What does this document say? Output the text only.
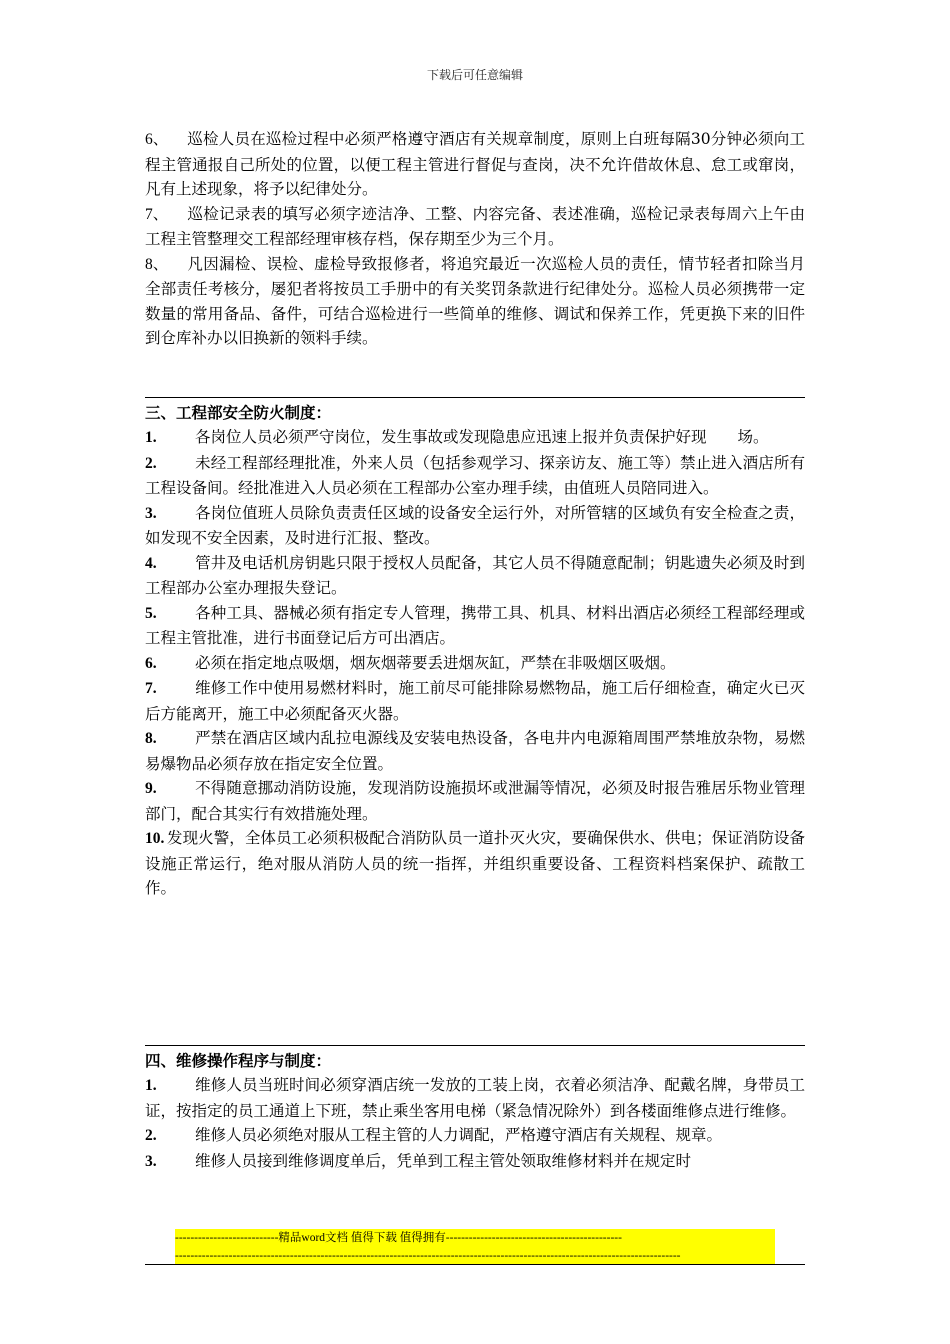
下载后可任意编辑

6、 巡检人员在巡检过程中必须严格遵守酒店有关规章制度，原则上白班每隔30分钟必须向工程主管通报自己所处的位置，以便工程主管进行督促与查岗，决不允许借故休息、怠工或窜岗，凡有上述现象，将予以纪律处分。

7、 巡检记录表的填写必须字迹洁净、工整、内容完备、表述准确，巡检记录表每周六上午由工程主管整理交工程部经理审核存档，保存期至少为三个月。

8、 凡因漏检、误检、虚检导致报修者，将追究最近一次巡检人员的责任，情节轻者扣除当月全部责任考核分，屡犯者将按员工手册中的有关奖罚条款进行纪律处分。巡检人员必须携带一定数量的常用备品、备件，可结合巡检进行一些简单的维修、调试和保养工作，凭更换下来的旧件到仓库补办以旧换新的领料手续。

三、工程部安全防火制度：

1. 各岗位人员必须严守岗位，发生事故或发现隐患应迅速上报并负责保护好现　　场。

2. 未经工程部经理批准，外来人员（包括参观学习、探亲访友、施工等）禁止进入酒店所有工程设备间。经批准进入人员必须在工程部办公室办理手续，由值班人员陪同进入。

3. 各岗位值班人员除负责责任区域的设备安全运行外，对所管辖的区域负有安全检查之责，如发现不安全因素，及时进行汇报、整改。

4. 管井及电话机房钥匙只限于授权人员配备，其它人员不得随意配制；钥匙遗失必须及时到工程部办公室办理报失登记。

5. 各种工具、器械必须有指定专人管理，携带工具、机具、材料出酒店必须经工程部经理或工程主管批准，进行书面登记后方可出酒店。

6. 必须在指定地点吸烟，烟灰烟蒂要丢进烟灰缸，严禁在非吸烟区吸烟。

7. 维修工作中使用易燃材料时，施工前尽可能排除易燃物品，施工后仔细检查，确定火已灭后方能离开，施工中必须配备灭火器。

8. 严禁在酒店区域内乱拉电源线及安装电热设备，各电井内电源箱周围严禁堆放杂物，易燃易爆物品必须存放在指定安全位置。

9. 不得随意挪动消防设施，发现消防设施损坏或泄漏等情况，必须及时报告雅居乐物业管理部门，配合其实行有效措施处理。

10. 发现火警，全体员工必须积极配合消防队员一道扑灭火灾，要确保供水、供电；保证消防设备设施正常运行，绝对服从消防人员的统一指挥，并组织重要设备、工程资料档案保护、疏散工作。

四、维修操作程序与制度：

1. 维修人员当班时间必须穿酒店统一发放的工装上岗，衣着必须洁净、配戴名牌，身带员工证，按指定的员工通道上下班，禁止乘坐客用电梯（紧急情况除外）到各楼面维修点进行维修。

2. 维修人员必须绝对服从工程主管的人力调配，严格遵守酒店有关规程、规章。

3. 维修人员接到维修调度单后，凭单到工程主管处领取维修材料并在规定时

---------------------------精品word文档 值得下载 值得拥有----------------------------------------------
------------------------------------------------------------------------------------------------------------------------------------
